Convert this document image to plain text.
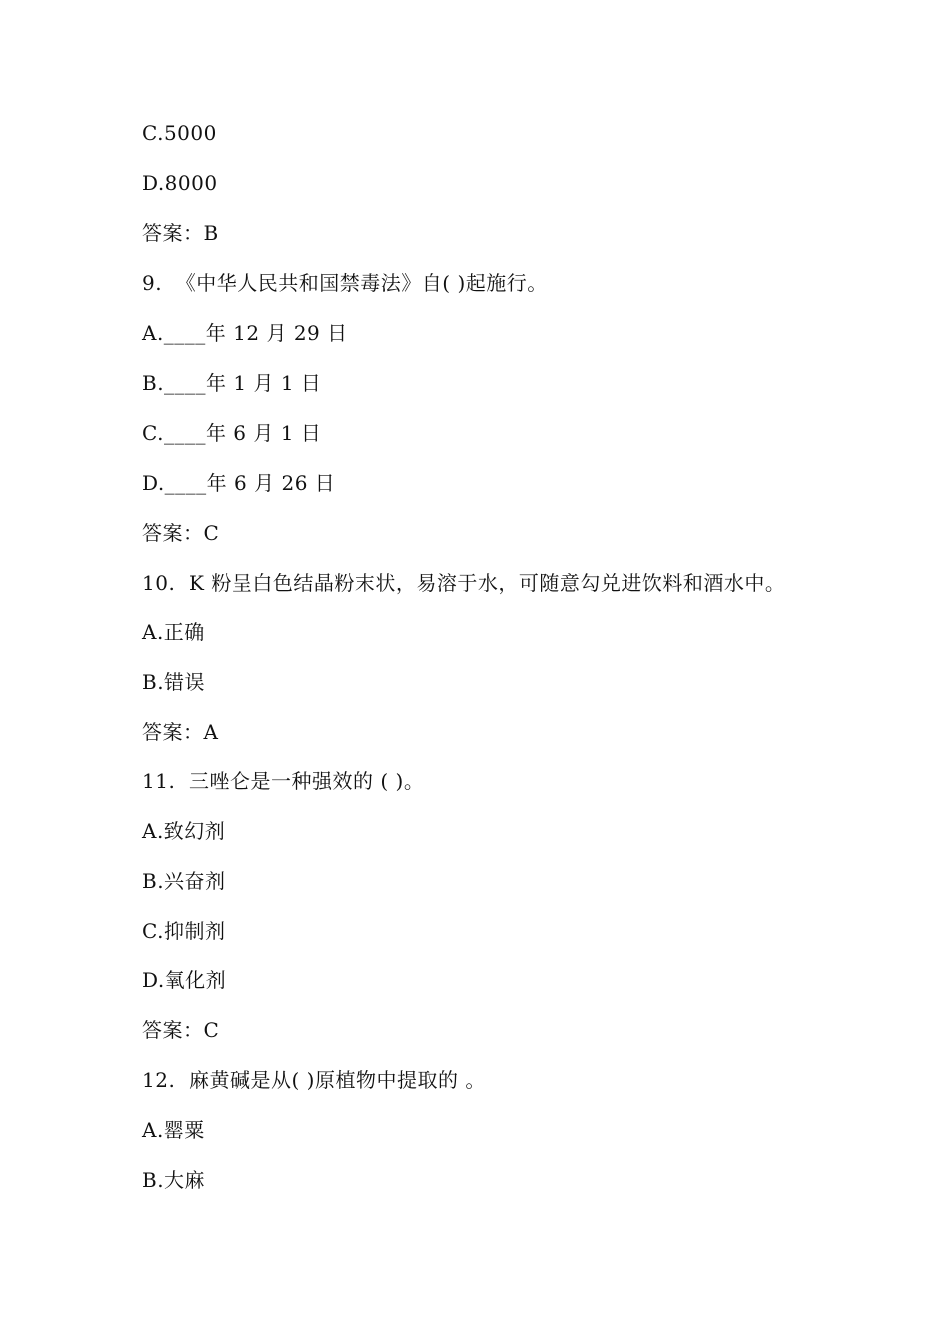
C.5000
D.8000
答案：B
9.  《中华人民共和国禁毒法》自( )起施行。
A.____年 12 月 29 日
B.____年 1 月 1 日
C.____年 6 月 1 日
D.____年 6 月 26 日
答案：C
10.  K 粉呈白色结晶粉末状，易溶于水，可随意勾兑进饮料和酒水中。
A.正确
B.错误
答案：A
11.  三唑仑是一种强效的 ( )。
A.致幻剂
B.兴奋剂
C.抑制剂
D.氧化剂
答案：C
12.  麻黄碱是从( )原植物中提取的 。
A.罂粟
B.大麻
